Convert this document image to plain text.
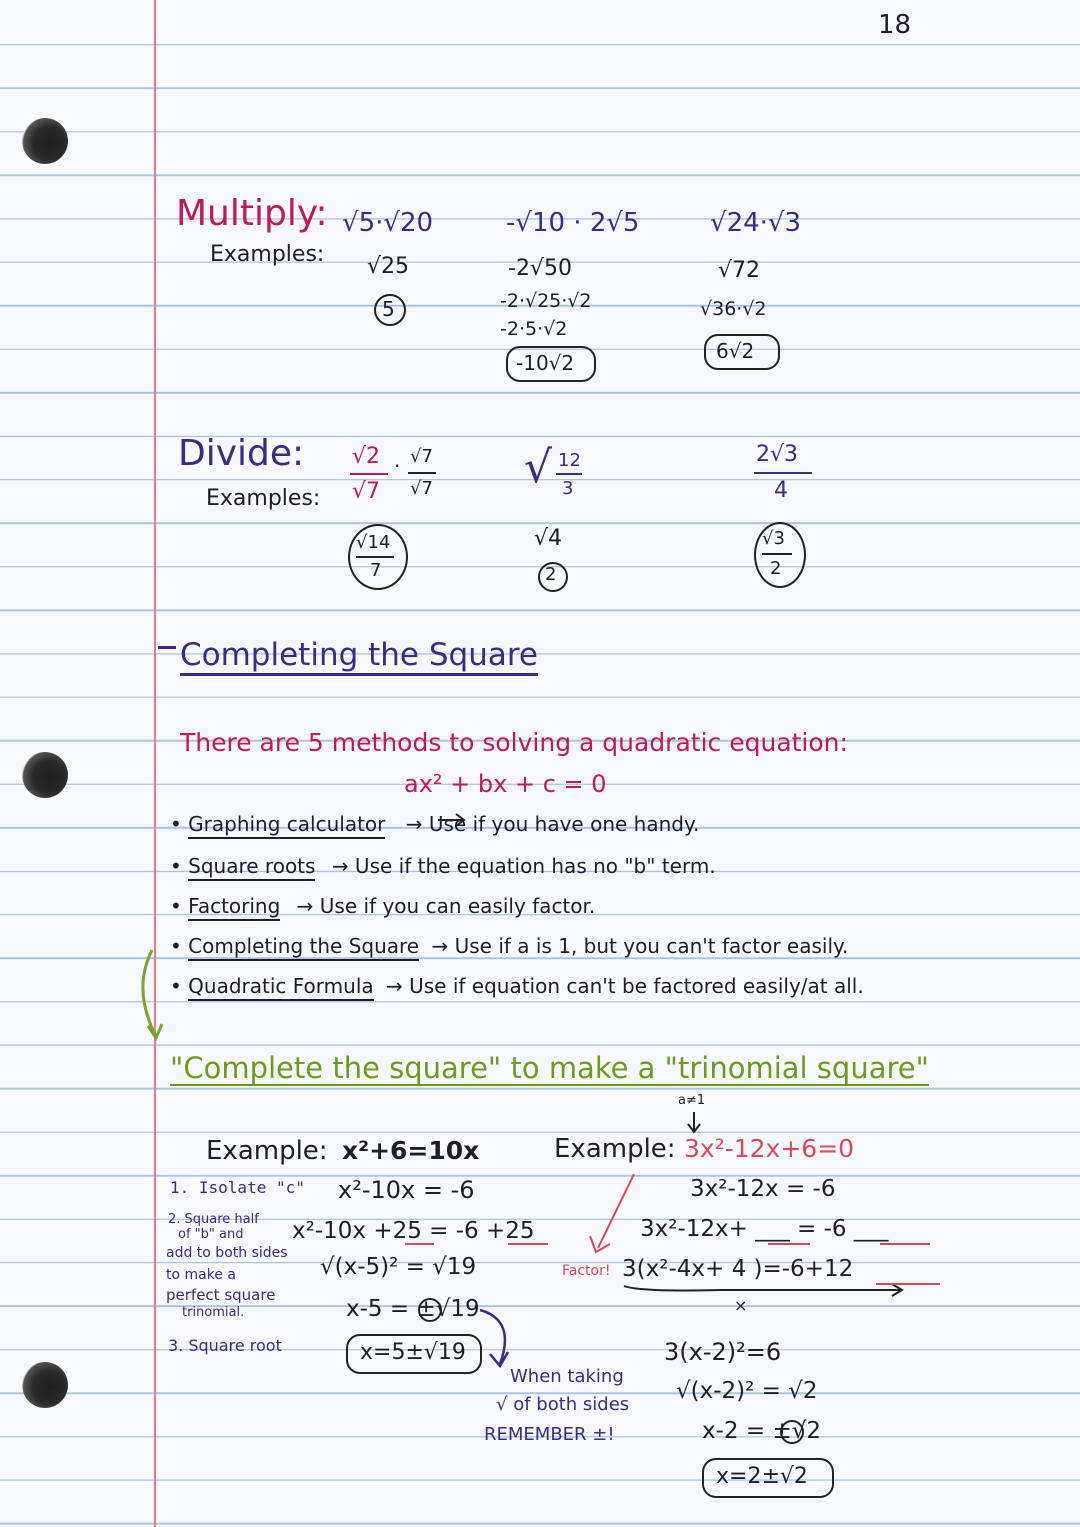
18
Multiply:
Examples:
√5·√20
√25
5
-√10 · 2√5
-2√50
-2·√25·√2
-2·5·√2
-10√2
√24·√3
√72
√36·√2
6√2
Divide:
Examples:
√2
√7
· √7
√7
√14
7
√ 12
3
√4
2
2√3
4
√3
2
Completing the Square
There are 5 methods to solving a quadratic equation:
ax² + bx + c = 0
• Graphing calculator → Use if you have one handy.
• Square roots → Use if the equation has no "b" term.
• Factoring → Use if you can easily factor.
• Completing the Square → Use if a is 1, but you can't factor easily.
• Quadratic Formula → Use if equation can't be factored easily/at all.
"Complete the square" to make a "trinomial square"
Example: x²+6=10x
1. Isolate "c" x²-10x = -6
2. Square half
of "b" and
add to both sides
to make a
perfect square
trinomial.
x²-10x +25 = -6 +25
√(x-5)² = √19
x-5 = ±√19
3. Square root	x=5±√19
Example:
a≠1
3x²-12x+6=0
3x²-12x = -6
3x²-12x+ ___ = -6 ___
Factor! 3(x²-4x+ 4 )=-6+12
×
3(x-2)²=6
√(x-2)² = √2
x-2 = ±√2
x=2±√2
When taking
√ of both sides
REMEMBER ±!
